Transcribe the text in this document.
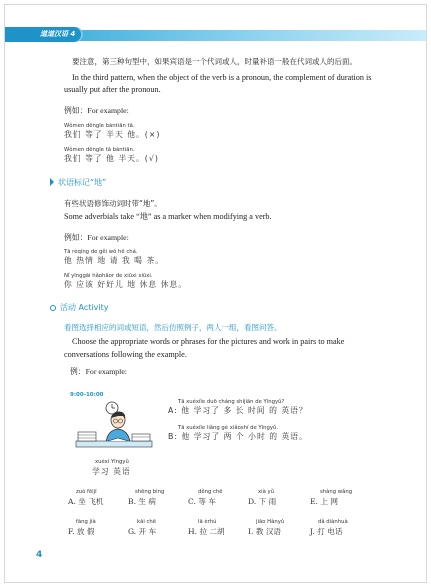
道道汉语 4
要注意，第三种句型中，如果宾语是一个代词或人，时量补语一般在代词或人的后面。
In the third pattern, when the object of the verb is a pronoun, the complement of duration is
usually put after the pronoun.
例如：For example:
Wǒmen děngle bàntiān tā.
我们 等了 半天 他。(×)
Wǒmen děngle tā bàntiān.
我们 等了 他 半天。(√)
状语标记“地”
有些状语修饰动词时带“地”。
Some adverbials take “地” as a marker when modifying a verb.
例如：For example:
Tā rèqíng de gěi wǒ hē chá.
他 热情 地 请 我 喝 茶。
Nǐ yīnggāi hǎohāor de xiūxi xiūxi.
你 应该 好好儿 地 休息 休息。
活动 Activity
看图选择相应的词或短语，然后仿照例子，两人一组，看图问答。
Choose the appropriate words or phrases for the pictures and work in pairs to make
conversations following the example.
例：For example:
9:00-10:00
Tā xuéxíle duō cháng shíjiān de Yīngyǔ?
A: 他 学习了 多 长 时间 的 英语？
Tā xuéxíle liǎng gè xiǎoshí de Yīngyǔ.
B: 他 学习了 两 个 小时 的 英语。
xuéxí Yīngyǔ
学习 英语
zuò fēijī
A. 坐 飞机
shēng bìng
B. 生 病
děng chē
C. 等 车
xià yǔ
D. 下 雨
shàng wǎng
E. 上 网
fàng jià
F. 放 假
kāi chē
G. 开 车
lā èrhú
H. 拉 二胡
jiāo Hànyǔ
I. 教 汉语
dǎ diànhuà
J. 打 电话
4
